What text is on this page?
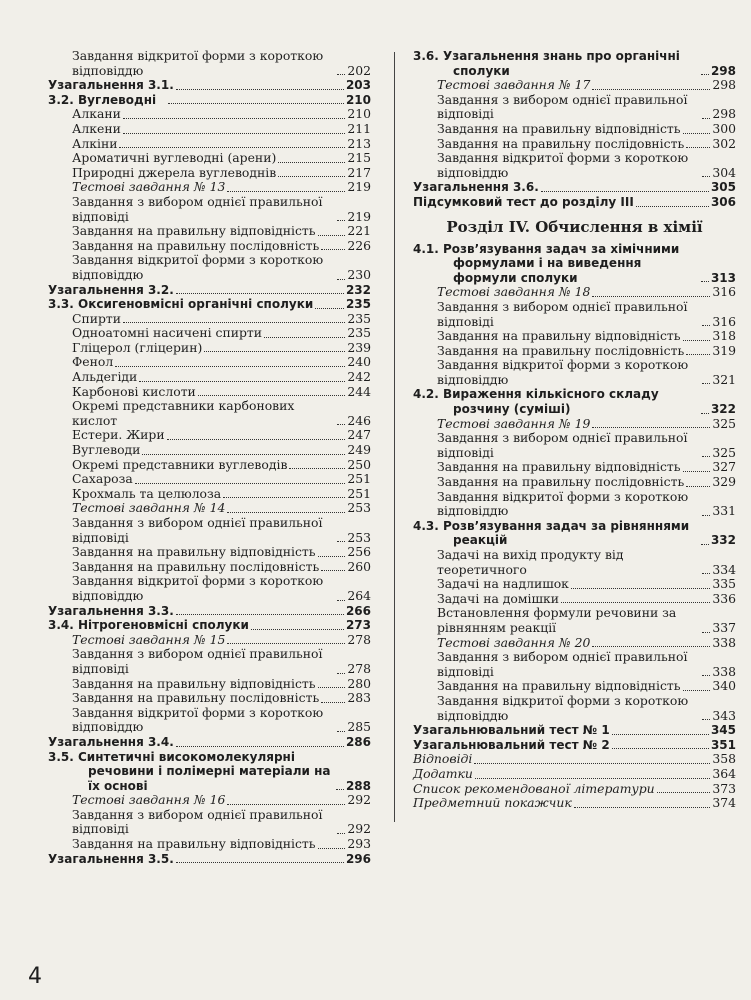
Завдання відкритої форми з короткою відповіддю	202
Узагальнення 3.1.	203
3.2. Вуглеводні	210
Алкани	210
Алкени	211
Алкіни	213
Ароматичні вуглеводні (арени)	215
Природні джерела вуглеводнів	217
Тестові завдання № 13	219
Завдання з вибором однієї правильної відповіді	219
Завдання на правильну відповідність	221
Завдання на правильну послідовність 226
Завдання відкритої форми з короткою відповіддю	230
Узагальнення 3.2.	232
3.3. Оксигеновмісні органічні сполуки	235
Спирти	235
Одноатомні насичені спирти	235
Гліцерол (гліцерин)	239
Фенол	240
Альдегіди	242
Карбонові кислоти	244
Окремі представники карбонових кислот	246
Естери. Жири	247
Вуглеводи	249
Окремі представники вуглеводів	250
Сахароза	251
Крохмаль та целюлоза	251
Тестові завдання № 14	253
Завдання з вибором однієї правильної відповіді	253
Завдання на правильну відповідність	256
Завдання на правильну послідовність 260
Завдання відкритої форми з короткою відповіддю	264
Узагальнення 3.3.	266
3.4. Нітрогеновмісні сполуки	273
Тестові завдання № 15	278
Завдання з вибором однієї правильної відповіді	278
Завдання на правильну відповідність	280
Завдання на правильну послідовність 283
Завдання відкритої форми з короткою відповіддю	285
Узагальнення 3.4.	286
3.5. Синтетичні високомолекулярні речовини і полімерні матеріали на їх основі	288
Тестові завдання № 16	292
Завдання з вибором однієї правильної відповіді	292
Завдання на правильну відповідність	293
Узагальнення 3.5.	296
3.6. Узагальнення знань про органічні сполуки	298
Тестові завдання № 17	298
Завдання з вибором однієї правильної відповіді	298
Завдання на правильну відповідність	300
Завдання на правильну послідовність 302
Завдання відкритої форми з короткою відповіддю	304
Узагальнення 3.6.	305
Підсумковий тест до розділу III	306
Розділ IV. Обчислення в хімії
4.1. Розв’язування задач за хімічними формулами і на виведення формули сполуки	313
Тестові завдання № 18	316
Завдання з вибором однієї правильної відповіді	316
Завдання на правильну відповідність	318
Завдання на правильну послідовність 319
Завдання відкритої форми з короткою відповіддю	321
4.2. Вираження кількісного складу розчину (суміші)	322
Тестові завдання № 19	325
Завдання з вибором однієї правильної відповіді	325
Завдання на правильну відповідність	327
Завдання на правильну послідовність 329
Завдання відкритої форми з короткою відповіддю	331
4.3. Розв’язування задач за рівняннями реакцій	332
Задачі на вихід продукту від теоретичного	334
Задачі на надлишок	335
Задачі на домішки	336
Встановлення формули речовини за рівнянням реакції	337
Тестові завдання № 20	338
Завдання з вибором однієї правильної відповіді	338
Завдання на правильну відповідність	340
Завдання відкритої форми з короткою відповіддю	343
Узагальнювальний тест № 1	345
Узагальнювальний тест № 2	351
Відповіді	358
Додатки	364
Список рекомендованої літератури	373
Предметний покажчик	374
4
